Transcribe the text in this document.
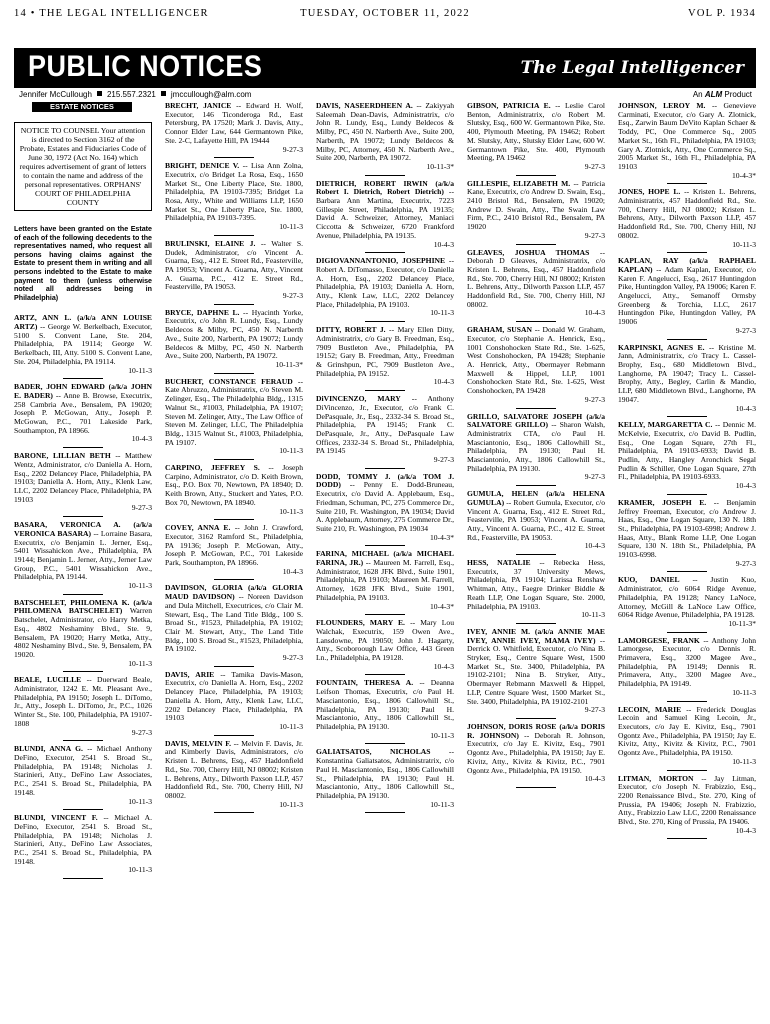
14 • THE LEGAL INTELLIGENCER	TUESDAY, OCTOBER 11, 2022	VOL P. 1934
PUBLIC NOTICES	The Legal Intelligencer
Jennifer McCullough 215.557.2321 jmccullough@alm.com	An ALM Product
ESTATE NOTICES
NOTICE TO COUNSEL Your attention is directed to Section 3162 of the Probate, Estates and Fiduciaries Code of June 30, 1972 (Act No. 164) which requires advertisement of grant of letters to contain the name and address of the personal representatives. ORPHANS' COURT OF PHILADELPHIA COUNTY
Letters have been granted on the Estate of each of the following decedents to the representatives named, who request all persons having claims against the Estate to present them in writing and all persons indebted to the Estate to make payment to them (unless otherwise noted all addresses being in Philadelphia)

ARTZ, ANN L. (a/k/a ANN LOUISE ARTZ) -- George W. Berkelbach, Executor, 5100 S. Convent Lane, Ste. 204, Philadelphia, PA 19114; George W. Berkelbach, III, Atty. 5100 S. Convent Lane, Ste. 204, Philadelphia, PA 19114.

10-11-3

BADER, JOHN EDWARD (a/k/a JOHN E. BADER) -- Anne B. Browse, Executrix, 258 Cambria Ave., Bensalem, PA 19020; Joseph P. McGowan, Atty., Joseph P. McGowan, P.C., 701 Lakeside Park, Southampton, PA 18966.

10-4-3

BARONE, LILLIAN BETH -- Matthew Wentz, Administrator, c/o Daniella A. Horn, Esq., 2202 Delancey Place, Philadelphia, PA 19103; Daniella A. Horn, Atty., Klenk Law, LLC, 2202 Delancey Place, Philadelphia, PA 19103

9-27-3

BASARA, VERONICA A. (a/k/a VERONICA BASARA) -- Lorraine Basara, Executrix, c/o Benjamin L. Jerner, Esq., 5401 Wissahickon Ave., Philadelphia, PA 19144; Benjamin L. Jerner, Atty., Jerner Law Group, P.C., 5401 Wissahickon Ave., Philadelphia, PA 19144.

10-11-3

BATSCHELET, PHILOMENA K. (a/k/a PHILOMENA BATSCHELET) Warren Batschelet, Administrator, c/o Harry Metka, Esq., 4802 Neshaminy Blvd., Ste. 9, Bensalem, PA 19020; Harry Metka, Atty., 4802 Neshaminy Blvd., Ste. 9, Bensalem, PA 19020.

10-11-3

BEALE, LUCILLE -- Duerward Beale, Administrator, 1242 E. Mt. Pleasant Ave., Philadelphia, PA 19150; Joseph L. DiTomo, Jr., Atty., Joseph L. DiTomo, Jr., P.C., 1026 Winter St., Ste. 100, Philadelphia, PA 19107-1808

9-27-3

BLUNDI, ANNA G. -- Michael Anthony DeFino, Executor, 2541 S. Broad St., Philadelphia, PA 19148; Nicholas J. Starinieri, Atty., DeFino Law Associates, P.C., 2541 S. Broad St., Philadelphia, PA 19148.

10-11-3

BLUNDI, VINCENT F. -- Michael A. DeFino, Executor, 2541 S. Broad St., Philadelphia, PA 19148; Nicholas J. Starinieri, Atty., DeFino Law Associates, P.C., 2541 S. Broad St., Philadelphia, PA 19148.

10-11-3

BRECHT, JANICE -- Edward H. Wolf, Executor, 146 Ticonderoga Rd., East Petersburg, PA 17520; Mark J. Davis, Atty., Connor Elder Law, 644 Germantown Pike, Ste. 2-C, Lafayette Hill, PA 19444

9-27-3

BRIGHT, DENICE V. -- Lisa Ann Zolna, Executrix, c/o Bridget La Rosa, Esq., 1650 Market St., One Liberty Place, Ste. 1800, Philadelphia, PA 19103-7395; Bridget La Rosa, Atty., White and Williams LLP, 1650 Market St., One Liberty Place, Ste. 1800, Philadelphia, PA 19103-7395.

10-11-3

BRULINSKI, ELAINE J. -- Walter S. Dudek, Administrator, c/o Vincent A. Guarna, Esq., 412 E. Street Rd., Feasterville, PA 19053; Vincent A. Guarna, Atty., Vincent A. Guarna, P.C., 412 E. Street Rd., Feasterville, PA 19053.

9-27-3

BRYCE, DAPHNE L. -- Hyacinth Yorke, Executrix, c/o John R. Lundy, Esq., Lundy Beldecos & Milby, PC, 450 N. Narberth Ave., Suite 200, Narberth, PA 19072; Lundy Beldecos & Milby, PC, 450 N. Narberth Ave., Suite 200, Narberth, PA 19072.

10-11-3*

BUCHERT, CONSTANCE FERAUD -- Kate Abruzzo, Administratrix, c/o Steven M. Zelinger, Esq., The Philadelphia Bldg., 1315 Walnut St., #1003, Philadelphia, PA 19107; Steven M. Zelinger, Atty., The Law Office of Steven M. Zelinger, LLC, The Philadelphia Bldg., 1315 Walnut St., #1003, Philadelphia, PA 19107.

10-11-3

CARPINO, JEFFREY S. -- Joseph Carpino, Administrator, c/o D. Keith Brown, Esq., P.O. Box 70, Newtown, PA 18940; D. Keith Brown, Atty., Stuckert and Yates, P.O. Box 70, Newtown, PA 18940.

10-11-3

COVEY, ANNA E. -- John J. Crawford, Executor, 3162 Ramford St., Philadelphia, PA 19136; Joseph P. McGowan, Atty., Joseph P. McGowan, P.C., 701 Lakeside Park, Southampton, PA 18966.

10-4-3

DAVIDSON, GLORIA (a/k/a GLORIA MAUD DAVIDSON) -- Noreen Davidson and Dula Mitchell, Executrices, c/o Clair M. Stewart, Esq., The Land Title Bldg., 100 S. Broad St., #1523, Philadelphia, PA 19102; Clair M. Stewart, Atty., The Land Title Bldg., 100 S. Broad St., #1523, Philadelphia, PA 19102.

9-27-3

DAVIS, ARIE -- Tamika Davis-Mason, Executrix, c/o Daniella A. Horn, Esq., 2202 Delancey Place, Philadelphia, PA 19103; Daniella A. Horn, Atty., Klenk Law, LLC, 2202 Delancey Place, Philadelphia, PA 19103

10-11-3

DAVIS, MELVIN F. -- Melvin F. Davis, Jr. and Kimberly Davis, Administrators, c/o Kristen L. Behrens, Esq., 457 Haddonfield Rd., Ste. 700, Cherry Hill, NJ 08002; Kristen L. Behrens, Atty., Dilworth Paxson LLP, 457 Haddonfield Rd., Ste. 700, Cherry Hill, NJ 08002.

10-11-3

DAVIS, NASEERDHEEN A. -- Zakiyyah Saleemah Dean-Davis, Administratrix, c/o John R. Lundy, Esq., Lundy Beldecos & Milby, PC, 450 N. Narberth Ave., Suite 200, Narberth, PA 19072; Lundy Beldecos & Milby, PC, Attorney, 450 N. Narberth Ave., Suite 200, Narberth, PA 19072.

10-11-3*

DIETRICH, ROBERT IRWIN (a/k/a Robert I. Dietrich, Robert Dietrich) -- Barbara Ann Martina, Executrix, 7223 Gillespie Street, Philadelphia, PA 19135; David A. Schweizer, Attorney, Maniaci Ciccotta & Schweizer, 6720 Frankford Avenue, Philadelphia, PA 19135.

10-4-3

DIGIOVANNANTONIO, JOSEPHINE -- Robert A. DiTomasso, Executor, c/o Daniella A. Horn, Esq., 2202 Delancey Place, Philadelphia, PA 19103; Daniella A. Horn, Atty., Klenk Law, LLC, 2202 Delancey Place, Philadelphia, PA 19103.

10-11-3

DITTY, ROBERT J. -- Mary Ellen Ditty, Administratrix, c/o Gary B. Freedman, Esq., 7909 Bustleton Ave., Philadelphia, PA 19152; Gary B. Freedman, Atty., Freedman & Grinshpun, PC, 7909 Bustleton Ave., Philadelphia, PA 19152.

10-4-3

DiVINCENZO, MARY -- Anthony DiVincenzo, Jr., Executor, c/o Frank C. DePasquale, Jr., Esq., 2332-34 S. Broad St., Philadelphia, PA 19145; Frank C. DePasquale, Jr., Atty., DePasquale Law Offices, 2332-34 S. Broad St., Philadelphia, PA 19145

9-27-3

DODD, TOMMY J. (a/k/a TOM J. DODD) -- Penny E. Dodd-Bruneau, Executrix, c/o David A. Applebaum, Esq., Friedman, Schuman, PC, 275 Commerce Dr., Suite 210, Ft. Washington, PA 19034; David A. Applebaum, Attorney, 275 Commerce Dr., Suite 210, Ft. Washington, PA 19034

10-4-3*

FARINA, MICHAEL (a/k/a MICHAEL FARINA, JR.) -- Maureen M. Farrell, Esq., Administrator, 1628 JFK Blvd., Suite 1901, Philadelphia, PA 19103; Maureen M. Farrell, Attorney, 1628 JFK Blvd., Suite 1901, Philadelphia, PA 19103.

10-4-3*

FLOUNDERS, MARY E. -- Mary Lou Walchak, Executrix, 159 Owen Ave., Lansdowne, PA 19050; John J. Hagarty, Atty., Scoboroough Law Office, 443 Green Ln., Philadelphia, PA 19128.

10-4-3

FOUNTAIN, THERESA A. -- Deanna Leifson Thomas, Executrix, c/o Paul H. Masciantonio, Esq., 1806 Callowhill St., Philadelphia, PA 19130; Paul H. Masciantonio, Atty., 1806 Callowhill St., Philadelphia, PA 19130.

10-11-3

GALIATSATOS, NICHOLAS -- Konstantina Galiatsatos, Administratrix, c/o Paul H. Masciantonio, Esq., 1806 Callowhill St., Philadelphia, PA 19130; Paul H. Masciantonio, Atty., 1806 Callowhill St., Philadelphia, PA 19130.

10-11-3

GIBSON, PATRICIA E. -- Leslie Carol Benton, Administratrix, c/o Robert M. Slutsky, Esq., 600 W. Germantown Pike, Ste. 400, Plymouth Meeting, PA 19462; Robert M. Slutsky, Atty., Slutsky Elder Law, 600 W. Germantown Pike, Ste. 400, Plymouth Meeting, PA 19462

9-27-3

GILLESPIE, ELIZABETH M. -- Patricia Kane, Executrix, c/o Andrew D. Swain, Esq., 2410 Bristol Rd., Bensalem, PA 19020; Andrew D. Swain, Atty., The Swain Law Firm, P.C., 2410 Bristol Rd., Bensalem, PA 19020

9-27-3

GLEAVES, JOSHUA THOMAS -- Deborah D Gleaves, Administratrix, c/o Kristen L. Behrens, Esq., 457 Haddonfield Rd., Ste. 700, Cherry Hill, NJ 08002; Kristen L. Behrens, Atty., Dilworth Paxson LLP, 457 Haddonfield Rd., Ste. 700, Cherry Hill, NJ 08002.

10-4-3

GRAHAM, SUSAN -- Donald W. Graham, Executor, c/o Stephanie A. Henrick, Esq., 1001 Conshohocken State Rd., Ste. 1-625, West Conshohocken, PA 19428; Stephanie A. Henrick, Atty., Obermayer Rebmann Maxwell & Hippel, LLP, 1001 Conshohocken State Rd., Ste. 1-625, West Conshohocken, PA 19428

9-27-3

GRILLO, SALVATORE JOSEPH (a/k/a SALVATORE GRILLO) -- Sharon Walsh, Administratrix CTA, c/o Paul H. Masciantonio, Esq., 1806 Callowhill St., Philadelphia, PA 19130; Paul H. Masciantonio, Atty., 1806 Callowhill St., Philadelphia, PA 19130.

9-27-3

GUMULA, HELEN (a/k/a HELENA GUMULA) -- Robert Gumula, Executor, c/o Vincent A. Guarna, Esq., 412 E. Street Rd., Feasterville, PA 19053; Vincent A. Guarna, Atty., Vincent A. Guarna, P.C., 412 E. Street Rd., Feasterville, PA 19053.

10-4-3

HESS, NATALIE -- Rebecka Hess, Executrix, 37 University Mews, Philadelphia, PA 19104; Larissa Renshaw Whitman, Atty., Faegre Drinker Biddle & Reath LLP, One Logan Square, Ste. 2000, Philadelphia, PA 19103.

10-11-3

IVEY, ANNIE M. (a/k/a ANNIE MAE IVEY, ANNIE IVEY, MAMA IVEY) -- Derrick O. Whitfield, Executor, c/o Nina B. Stryker, Esq., Centre Square West, 1500 Market St., Ste. 3400, Philadelphia, PA 19102-2101; Nina B. Stryker, Atty., Obermayer Rebmann Maxwell & Hippel, LLP, Centre Square West, 1500 Market St., Ste. 3400, Philadelphia, PA 19102-2101

9-27-3

JOHNSON, DORIS ROSE (a/k/a DORIS R. JOHNSON) -- Deborah R. Johnson, Executrix, c/o Jay E. Kivitz, Esq., 7901 Ogontz Ave., Philadelphia, PA 19150; Jay E. Kivitz, Atty., Kivitz & Kivitz, P.C., 7901 Ogontz Ave., Philadelphia, PA 19150.

10-4-3

JOHNSON, LEROY M. -- Genevieve Carminati, Executor, c/o Gary A. Zlotnick, Esq., Zarwin Baum DeVito Kaplan Schaer & Toddy, PC, One Commerce Sq., 2005 Market St., 16th Fl., Philadelphia, PA 19103; Gary A. Zlotnick, Atty., One Commerce Sq., 2005 Market St., 16th Fl., Philadelphia, PA 19103

10-4-3*

JONES, HOPE L. -- Kristen L. Behrens, Administratrix, 457 Haddonfield Rd., Ste. 700, Cherry Hill, NJ 08002; Kristen L. Behrens, Atty., Dilworth Paxson LLP, 457 Haddonfield Rd., Ste. 700, Cherry Hill, NJ 08002.

10-11-3

KAPLAN, RAY (a/k/a RAPHAEL KAPLAN) -- Adam Kaplan, Executor, c/o Karen F. Angelucci, Esq., 2617 Huntingdon Pike, Huntingdon Valley, PA 19006; Karen F. Angelucci, Atty., Semanoff Ormsby Greenberg & Torchia, LLC, 2617 Huntingdon Pike, Huntingdon Valley, PA 19006

9-27-3

KARPINSKI, AGNES E. -- Kristine M. Jann, Administratrix, c/o Tracy L. Cassel-Brophy, Esq., 680 Middletown Blvd., Langhorne, PA 19047; Tracy L. Cassel-Brophy, Atty., Begley, Carlin & Mandio, LLP, 680 Middletown Blvd., Langhorne, PA 19047.

10-4-3

KELLY, MARGARETTA C. -- Denniс M. McKelvie, Executrix, c/o David B. Pudlin, Esq., One Logan Square, 27th Fl., Philadelphia, PA 19103-6933; David B. Pudlin, Atty., Hangley Aronchick Segal Pudlin & Schiller, One Logan Square, 27th Fl., Philadelphia, PA 19103-6933.

10-4-3

KRAMER, JOSEPH E. -- Benjamin Jeffrey Freeman, Executor, c/o Andrew J. Haas, Esq., One Logan Square, 130 N. 18th St., Philadelphia, PA 19103-6998; Andrew J. Haas, Atty., Blank Rome LLP, One Logan Square, 130 N. 18th St., Philadelphia, PA 19103-6998.

9-27-3

KUO, DANIEL -- Justin Kuo, Administrator, c/o 6064 Ridge Avenue, Philadelphia, PA 19128; Nancy LaNoce, Attorney, McGill & LaNoce Law Office, 6064 Ridge Avenue, Philadelphia, PA 19128.

10-11-3*

LAMORGESE, FRANK -- Anthony John Lamorgese, Executor, c/o Dennis R. Primavera, Esq., 3200 Magee Ave., Philadelphia, PA 19149; Dennis R. Primavera, Atty., 3200 Magee Ave., Philadelphia, PA 19149.

10-11-3

LECOIN, MARIE -- Frederick Douglas Lecoin and Samuel King Lecoin, Jr., Executors, c/o Jay E. Kivitz, Esq., 7901 Ogontz Ave., Philadelphia, PA 19150; Jay E. Kivitz, Atty., Kivitz & Kivitz, P.C., 7901 Ogontz Ave., Philadelphia, PA 19150.

10-11-3

LITMAN, MORTON -- Jay Litman, Executor, c/o Joseph N. Frabizzio, Esq., 2200 Renaissance Blvd., Ste. 270, King of Prussia, PA 19406; Joseph N. Frabizzio, Atty., Frabizzio Law LLC, 2200 Renaissance Blvd., Ste. 270, King of Prussia, PA 19406.

10-4-3
